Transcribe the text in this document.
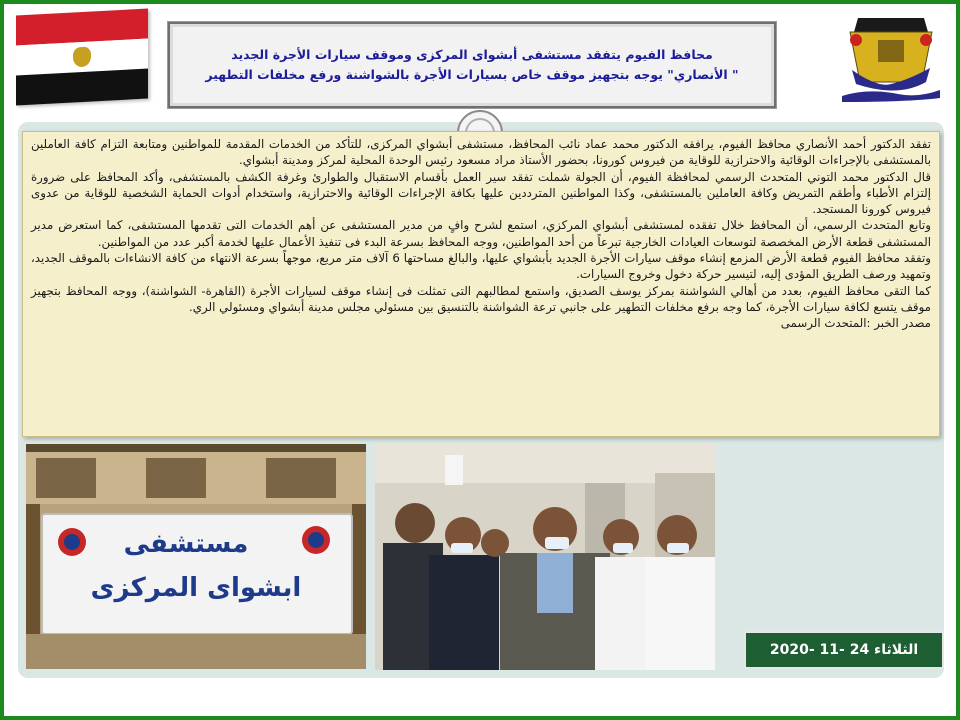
محافظ الفيوم يتفقد مستشفى أبشواى المركزى وموقف سيارات الأجرة الجديد
" الأنصاري" يوجه بتجهيز موقف خاص بسيارات الأجرة بالشواشنة ورفع مخلفات التطهير

تفقد الدكتور أحمد الأنصاري محافظ الفيوم، يرافقه الدكتور محمد عماد نائب المحافظ، مستشفى أبشواي المركزى، للتأكد من الخدمات المقدمة للمواطنين ومتابعة التزام كافة العاملين بالمستشفى بالإجراءات الوقائية والاحترازية للوقاية من فيروس كورونا، بحضور الأستاذ مراد مسعود رئيس الوحدة المحلية لمركز ومدينة أبشواي.

قال الدكتور محمد التوني المتحدث الرسمي لمحافظة الفيوم، أن الجولة شملت تفقد سير العمل بأقسام الاستقبال والطوارئ وغرفة الكشف بالمستشفى، وأكد المحافظ على ضرورة إلتزام الأطباء وأطقم التمريض وكافة العاملين بالمستشفى، وكذا المواطنين المترددين عليها بكافة الإجراءات الوقائية والاحترازية، واستخدام أدوات الحماية الشخصية للوقاية من عدوى فيروس كورونا المستجد.

وتابع المتحدث الرسمي، أن المحافظ خلال تفقده لمستشفى أبشواي المركزي، استمع لشرح وافٍ من مدير المستشفى عن أهم الخدمات التى تقدمها المستشفى، كما استعرض مدير المستشفى قطعة الأرض المخصصة لتوسعات العيادات الخارجية تبرعاً من أحد المواطنين، ووجه المحافظ بسرعة البدء فى تنفيذ الأعمال عليها لخدمة أكبر عدد من المواطنين.

وتفقد محافظ الفيوم قطعة الأرض المزمع إنشاء موقف سيارات الأجرة الجديد بأبشواي عليها، والبالغ مساحتها 6 آلاف متر مربع، موجهاً بسرعة الانتهاء من كافة الانشاءات بالموقف الجديد، وتمهيد ورصف الطريق المؤدى إليه، لتيسير حركة دخول وخروج السيارات.

كما التقى محافظ الفيوم، بعدد من أهالي الشواشنة بمركز يوسف الصديق، واستمع لمطالبهم التى تمثلت فى إنشاء موقف لسيارات الأجرة (القاهرة- الشواشنة)، ووجه المحافظ بتجهيز موقف يتسع لكافة سيارات الأجرة، كما وجه برفع مخلفات التطهير على جانبي ترعة الشواشنة بالتنسيق بين مسئولي مجلس مدينة أبشواي ومسئولي الري.

مصدر الخبر :المتحدث الرسمى

مستشفى
ابشواى المركزى
الثلاثاء 24 -11 -2020
